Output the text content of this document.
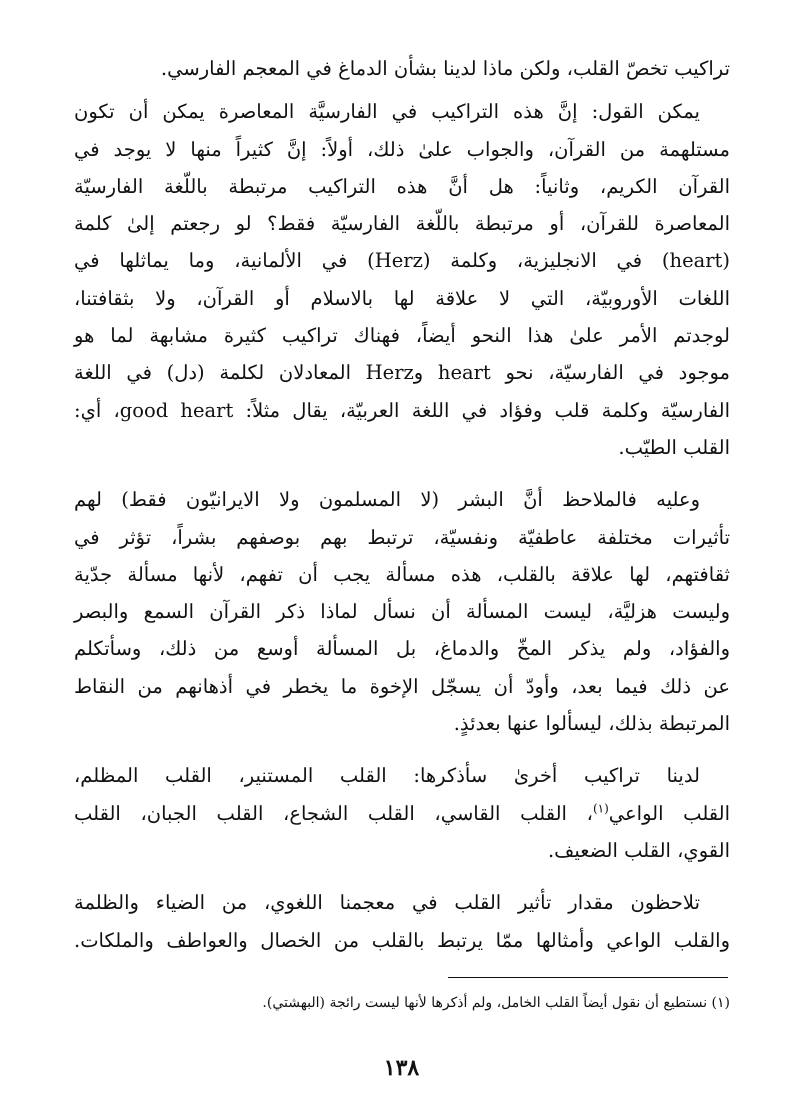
تراكيب تخصّ القلب، ولكن ماذا لدينا بشأن الدماغ في المعجم الفارسي.
يمكن القول: إنَّ هذه التراكيب في الفارسيَّة المعاصرة يمكن أن تكون
مستلهمة من القرآن، والجواب علىٰ ذلك، أولاً: إنَّ كثيراً منها لا يوجد في
القرآن الكريم، وثانياً: هل أنَّ هذه التراكيب مرتبطة باللّغة الفارسيّة
المعاصرة للقرآن، أو مرتبطة باللّغة الفارسيّة فقط؟ لو رجعتم إلىٰ كلمة
(heart) في الانجليزية، وكلمة (Herz) في الألمانية، وما يماثلها في
اللغات الأوروبيّة، التي لا علاقة لها بالاسلام أو القرآن، ولا بثقافتنا،
لوجدتم الأمر علىٰ هذا النحو أيضاً، فهناك تراكيب كثيرة مشابهة لما هو
موجود في الفارسيّة، نحو heart وHerz المعادلان لكلمة (دل) في اللغة
الفارسيّة وكلمة قلب وفؤاد في اللغة العربيّة، يقال مثلاً: good heart، أي:
القلب الطيّب.
وعليه فالملاحظ أنَّ البشر (لا المسلمون ولا الايرانيّون فقط) لهم
تأثيرات مختلفة عاطفيّة ونفسيّة، ترتبط بهم بوصفهم بشراً، تؤثر في
ثقافتهم، لها علاقة بالقلب، هذه مسألة يجب أن تفهم، لأنها مسألة جدّية
وليست هزليَّة، ليست المسألة أن نسأل لماذا ذكر القرآن السمع والبصر
والفؤاد، ولم يذكر المخّ والدماغ، بل المسألة أوسع من ذلك، وسأتكلم
عن ذلك فيما بعد، وأودّ أن يسجّل الإخوة ما يخطر في أذهانهم من النقاط
المرتبطة بذلك، ليسألوا عنها بعدئذٍ.
لدينا تراكيب أخرىٰ سأذكرها: القلب المستنير، القلب المظلم،
القلب الواعي$^{(١)}$، القلب القاسي، القلب الشجاع، القلب الجبان، القلب
القوي، القلب الضعيف.
تلاحظون مقدار تأثير القلب في معجمنا اللغوي، من الضياء والظلمة
والقلب الواعي وأمثالها ممّا يرتبط بالقلب من الخصال والعواطف والملكات.
(١) نستطيع أن نقول أيضاً القلب الخامل، ولم أذكرها لأنها ليست رائجة (البهشتي).
١٣٨
